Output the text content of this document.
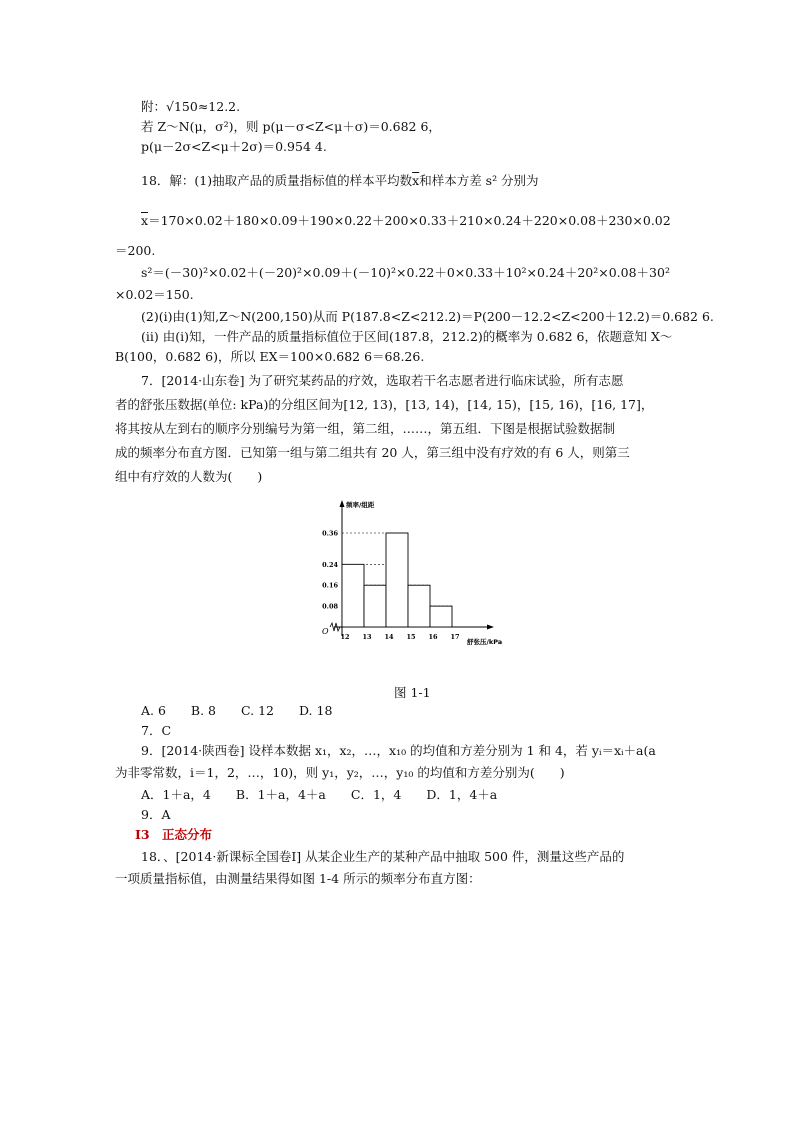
附：√150≈12.2.
若 Z～N(μ，σ²)，则 p(μ－σ<Z<μ＋σ)＝0.682 6，
p(μ－2σ<Z<μ＋2σ)＝0.954 4.
18．解：(1)抽取产品的质量指标值的样本平均数$\overline{x}$和样本方差 s² 分别为
$\overline{x}=170\times 0.02+180\times 0.09+190\times 0.22+200\times 0.33+210\times 0.24+220\times 0.08+230\times 0.02$
＝200.
s²＝(－30)²×0.02＋(－20)²×0.09＋(－10)²×0.22＋0×0.33＋10²×0.24＋20²×0.08＋30²
×0.02＝150.
(2)(i)由(1)知,Z～N(200,150)从而 P(187.8<Z<212.2)＝P(200－12.2<Z<200＋12.2)＝0.682 6.
(ii) 由(i)知，一件产品的质量指标值位于区间(187.8，212.2)的概率为 0.682 6，依题意知 X～
B(100，0.682 6)，所以 EX＝100×0.682 6＝68.26.
7．[2014·山东卷] 为了研究某药品的疗效，选取若干名志愿者进行临床试验，所有志愿
者的舒张压数据(单位: kPa)的分组区间为[12, 13)，[13, 14)，[14, 15)，[15, 16)，[16, 17]，
将其按从左到右的顺序分别编号为第一组，第二组，……，第五组．下图是根据试验数据制
成的频率分布直方图．已知第一组与第二组共有 20 人，第三组中没有疗效的有 6 人，则第三
组中有疗效的人数为(　　)
O
频率/组距
舒张压/kPa
0.08
0.16
0.24
0.36
12 13 14 15 16 17
图 1-1
A. 6　　B. 8　　C. 12　　D. 18
7．C
9．[2014·陕西卷] 设样本数据 x₁，x₂，…，x₁₀ 的均值和方差分别为 1 和 4，若 yᵢ＝xᵢ＋a(a
为非零常数，i＝1，2，…，10)，则 y₁，y₂，…，y₁₀ 的均值和方差分别为(　　)
A．1＋a，4　　B．1＋a，4＋a　　C．1，4　　D．1，4＋a
9．A
I3　正态分布
18．、[2014·新课标全国卷Ⅰ] 从某企业生产的某种产品中抽取 500 件，测量这些产品的
一项质量指标值，由测量结果得如图 1-4 所示的频率分布直方图：
